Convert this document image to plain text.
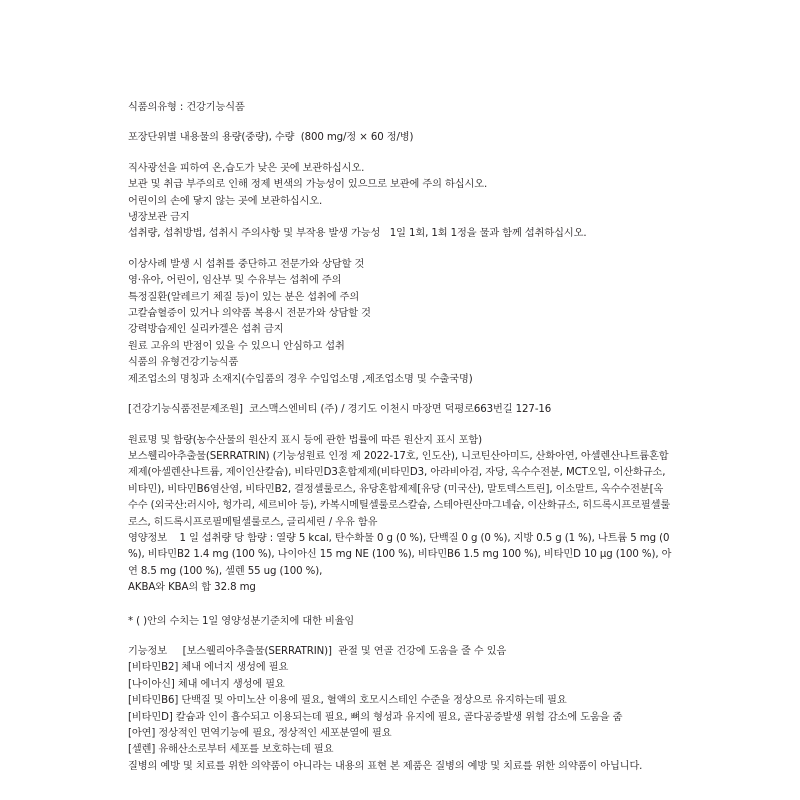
식품의유형 : 건강기능식품
포장단위별 내용물의 용량(중량), 수량  (800 mg/정 × 60 정/병)
직사광선을 피하여 온,습도가 낮은 곳에 보관하십시오.
보관 및 취급 부주의로 인해 정제 변색의 가능성이 있으므로 보관에 주의 하십시오.
어린이의 손에 닿지 않는 곳에 보관하십시오.
냉장보관 금지
섭취량, 섭취방법, 섭취시 주의사항 및 부작용 발생 가능성   1일 1회, 1회 1정을 물과 함께 섭취하십시오.
이상사례 발생 시 섭취를 중단하고 전문가와 상담할 것
영·유아, 어린이, 임산부 및 수유부는 섭취에 주의
특정질환(알레르기 체질 등)이 있는 분은 섭취에 주의
고칼슘혈증이 있거나 의약품 복용시 전문가와 상담할 것
강력방습제인 실리카겔은 섭취 금지
원료 고유의 반점이 있을 수 있으니 안심하고 섭취
식품의 유형건강기능식품
제조업소의 명칭과 소재지(수입품의 경우 수입업소명 ,제조업소명 및 수출국명)
[건강기능식품전문제조원]  코스맥스엔비티 (주) / 경기도 이천시 마장면 덕평로663번길 127-16
원료명 및 함량(농수산물의 원산지 표시 등에 관한 법률에 따른 원산지 표시 포함)
보스웰리아추출물(SERRATRIN) (기능성원료 인정 제 2022-17호, 인도산), 니코틴산아미드, 산화아연, 아셀렌산나트륨혼합제제(아셀렌산나트륨, 제이인산칼슘), 비타민D3혼합제제(비타민D3, 아라비아검, 자당, 옥수수전분, MCT오일, 이산화규소, 비타민), 비타민B6염산염, 비타민B2, 결정셀룰로스, 유당혼합제제[유당 (미국산), 말토덱스트린], 이소말트, 옥수수전분[옥수수 (외국산:러시아, 헝가리, 세르비아 등), 카복시메틸셀룰로스칼슘, 스테아린산마그네슘, 이산화규소, 히드록시프로필셀룰로스, 히드록시프로필메틸셀룰로스, 글리세린 / 우유 함유
영양정보    1 일 섭취량 당 함량 : 열량 5 kcal, 탄수화물 0 g (0 %), 단백질 0 g (0 %), 지방 0.5 g (1 %), 나트륨 5 mg (0 %), 비타민B2 1.4 mg (100 %), 나이아신 15 mg NE (100 %), 비타민B6 1.5 mg 100 %), 비타민D 10 µg (100 %), 아연 8.5 mg (100 %), 셀렌 55 ug (100 %),
AKBA와 KBA의 합 32.8 mg
* ( )안의 수치는 1일 영양성분기준치에 대한 비율임
기능정보     [보스웰리아추출물(SERRATRIN)]  관절 및 연골 건강에 도움을 줄 수 있음
[비타민B2] 체내 에너지 생성에 필요
[나이아신] 체내 에너지 생성에 필요
[비타민B6] 단백질 및 아미노산 이용에 필요, 혈액의 호모시스테인 수준을 정상으로 유지하는데 필요
[비타민D] 칼슘과 인이 흡수되고 이용되는데 필요, 뼈의 형성과 유지에 필요, 골다공증발생 위험 감소에 도움을 줌
[아연] 정상적인 면역기능에 필요, 정상적인 세포분열에 필요
[셀렌] 유해산소로부터 세포를 보호하는데 필요
질병의 예방 및 치료를 위한 의약품이 아니라는 내용의 표현 본 제품은 질병의 예방 및 치료를 위한 의약품이 아닙니다.
